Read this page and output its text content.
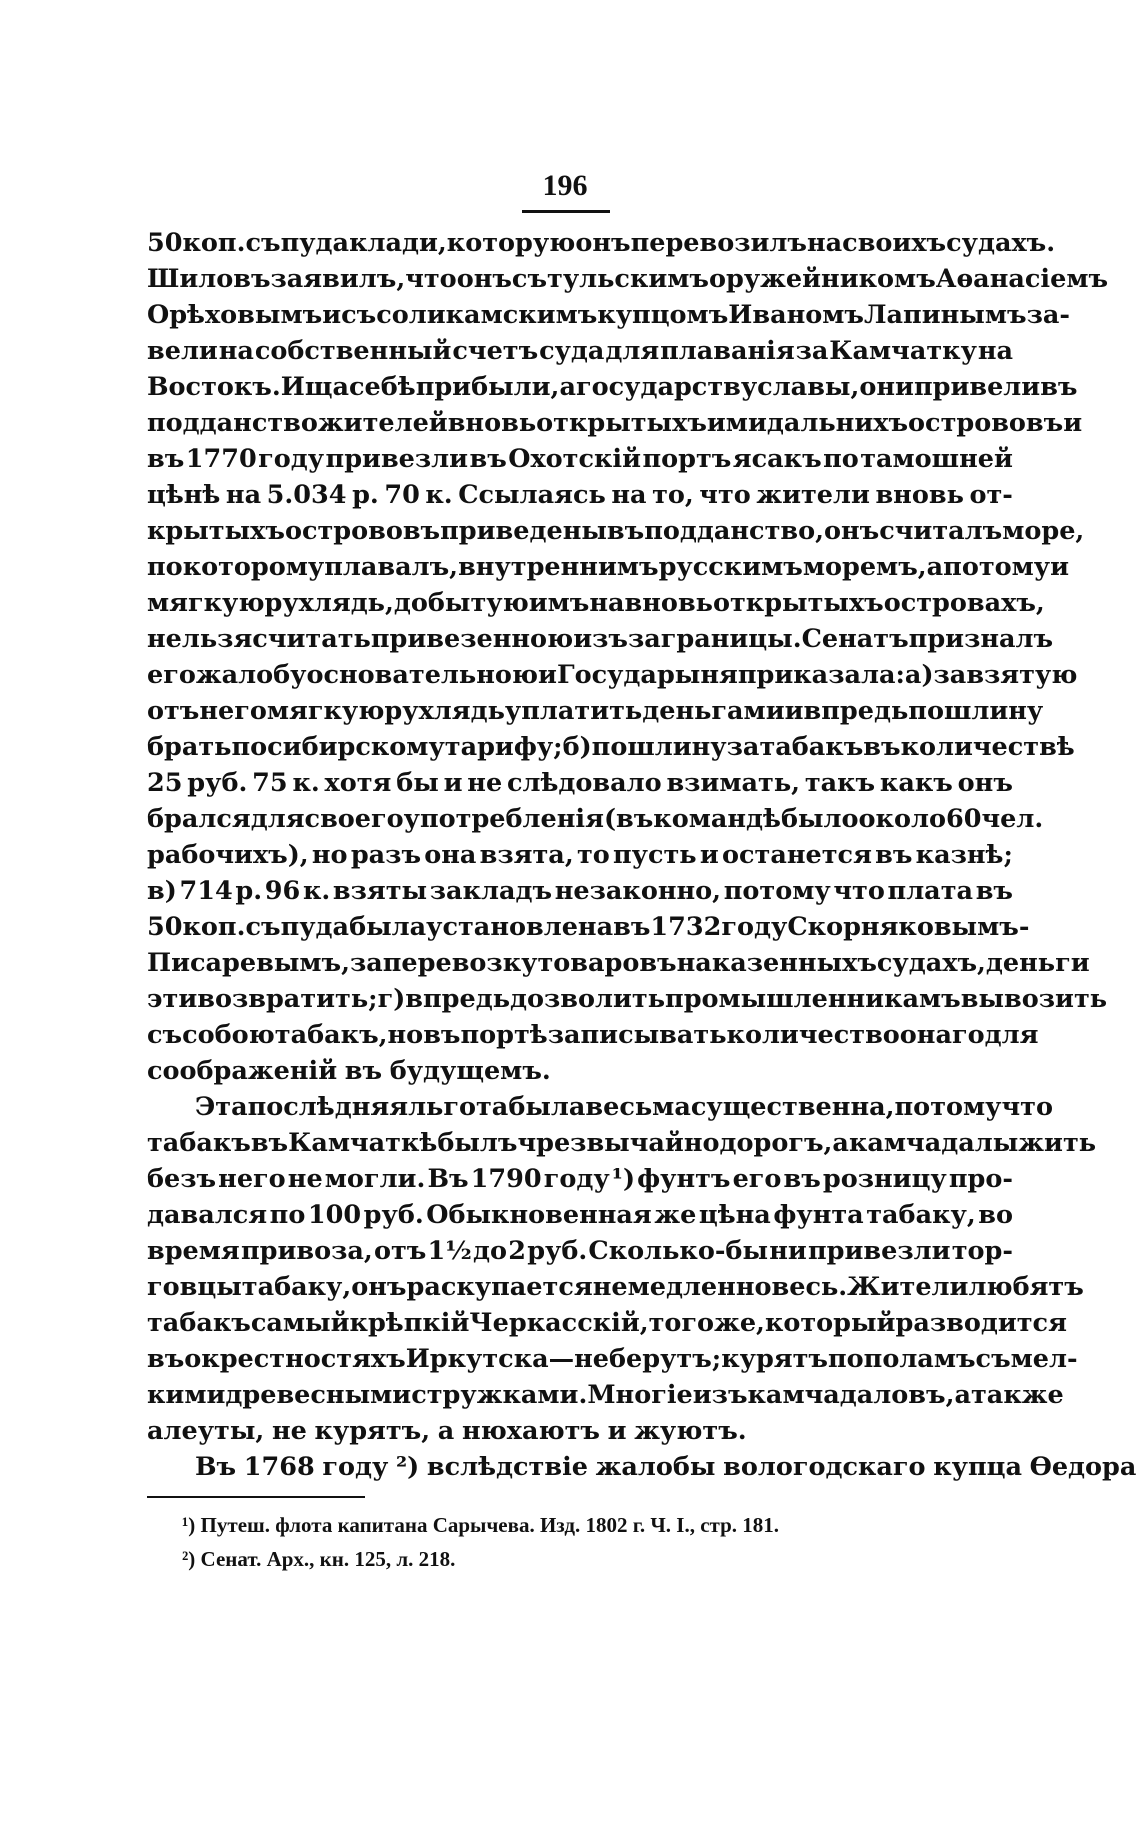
196
50 коп. съ пуда клади, которую онъ перевозилъ на своихъ судахъ.
Шиловъ заявилъ, что онъ съ тульскимъ оружейникомъ Аѳанасіемъ
Орѣховымъ и съ соликамскимъ купцомъ Иваномъ Лапинымъ за-
вели на собственный счетъ суда для плаванія за Камчатку на
Востокъ. Ища себѣ прибыли, а государству славы, они привели въ
подданство жителей вновь открытыхъ ими дальнихъ острововъ и
въ 1770 году привезли въ Охотскій портъ ясакъ по тамошней
цѣнѣ на 5.034 р. 70 к. Ссылаясь на то, что жители вновь от-
крытыхъ острововъ приведены въ подданство, онъ считалъ море,
по которому плавалъ, внутреннимъ русскимъ моремъ, а потому и
мягкую рухлядь, добытую имъ на вновь открытыхъ островахъ,
нельзя считать привезенною изъ за границы. Сенатъ призналъ
его жалобу основательною и Государыня приказала: а) за взятую
отъ него мягкую рухлядь уплатить деньгами и впредь пошлину
брать по сибирскому тарифу; б) пошлину за табакъ въ количествѣ
25 руб. 75 к. хотя бы и не слѣдовало взимать, такъ какъ онъ
брался для своего употребленія (въ командѣ было около 60 чел.
рабочихъ), но разъ она взята, то пусть и останется въ казнѣ;
в) 714 р. 96 к. взяты закладъ незаконно, потому что плата въ
50 коп. съ пуда была установлена въ 1732 году Скорняковымъ-
Писаревымъ, за перевозку товаровъ на казенныхъ судахъ, деньги
эти возвратить; г) впредь дозволить промышленникамъ вывозить
съ собою табакъ, но въ портѣ записывать количество онаго для
соображеній въ будущемъ.
Эта послѣдняя льгота была весьма существенна, потому что
табакъ въ Камчаткѣ былъ чрезвычайно дорогъ, а камчадалы жить
безъ него не могли. Въ 1790 году ¹) фунтъ его въ розницу про-
давался по 100 руб. Обыкновенная же цѣна фунта табаку, во
время привоза, отъ 1½ до 2 руб. Сколько-бы ни привезли тор-
говцы табаку, онъ раскупается немедленно весь. Жители любятъ
табакъ самый крѣпкій Черкасскій, того же, который разводится
въ окрестностяхъ Иркутска—не берутъ; курятъ пополамъ съ мел-
кими древесными стружками. Многіе изъ камчадаловъ, а также
алеуты, не курятъ, а нюхаютъ и жуютъ.
Въ 1768 году ²) вслѣдствіе жалобы вологодскаго купца Ѳедора
¹) Путеш. флота капитана Сарычева. Изд. 1802 г. Ч. I., стр. 181.
²) Сенат. Арх., кн. 125, л. 218.
